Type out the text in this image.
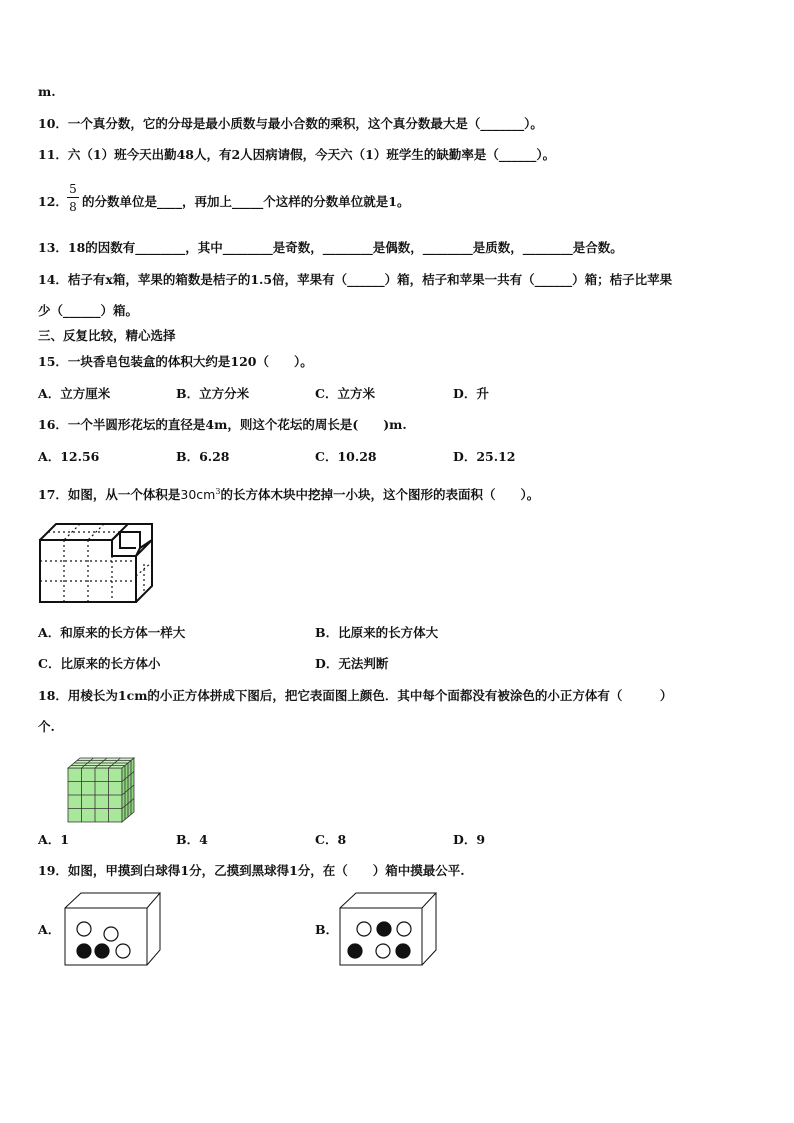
m.
10．一个真分数，它的分母是最小质数与最小合数的乘积，这个真分数最大是（_______）。
11．六（1）班今天出勤48人，有2人因病请假，今天六（1）班学生的缺勤率是（______）。
12．
5
8 的分数单位是____，再加上_____个这样的分数单位就是1。
13．18的因数有________，其中________是奇数，________是偶数，________是质数，________是合数。
14．桔子有x箱，苹果的箱数是桔子的1.5倍，苹果有（______）箱，桔子和苹果一共有（______）箱；桔子比苹果
少（______）箱。
三、反复比较，精心选择
15．一块香皂包装盒的体积大约是120（　　）。
A．立方厘米	B．立方分米	C．立方米	D．升
16．一个半圆形花坛的直径是4m，则这个花坛的周长是(　　)m.
A．12.56	B．6.28	C．10.28	D．25.12
17．如图，从一个体积是$30cm^3$的长方体木块中挖掉一小块，这个图形的表面积（　　）。
A．和原来的长方体一样大	B．比原来的长方体大
C．比原来的长方体小	D．无法判断
18．用棱长为1cm的小正方体拼成下图后，把它表面图上颜色．其中每个面都没有被涂色的小正方体有（　　　）
个.
A．1	B．4	C．8	D．9
19．如图，甲摸到白球得1分，乙摸到黑球得1分，在（　　）箱中摸最公平.
A．	B．
